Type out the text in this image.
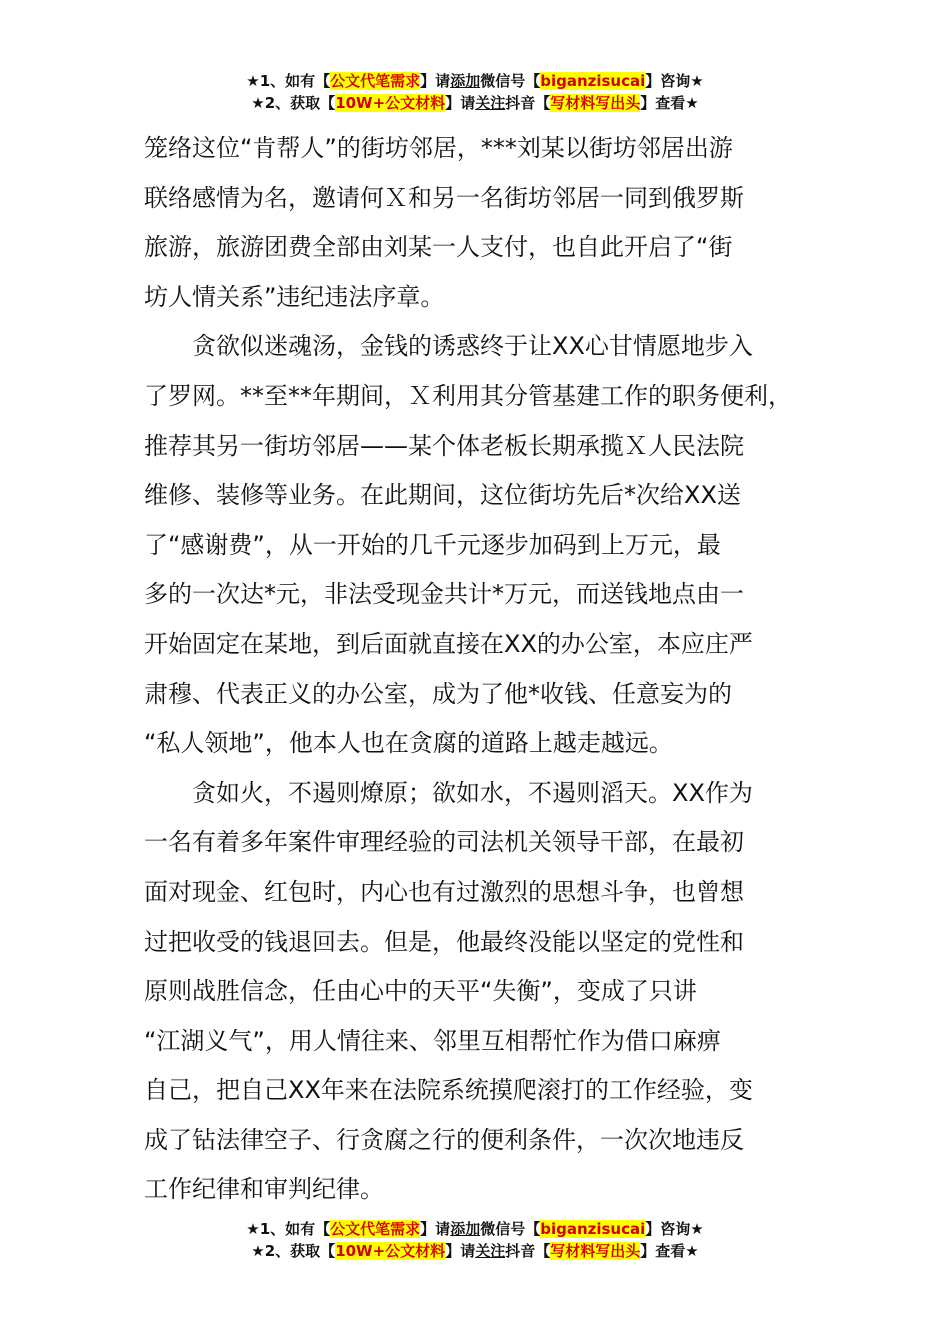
★1、如有【公文代笔需求】请添加微信号【biganzisucai】咨询★
★2、获取【10W+公文材料】请关注抖音【写材料写出头】查看★
笼络这位“肯帮人”的街坊邻居，***刘某以街坊邻居出游
联络感情为名，邀请何Ｘ和另一名街坊邻居一同到俄罗斯
旅游，旅游团费全部由刘某一人支付，也自此开启了“街
坊人情关系”违纪违法序章。
贪欲似迷魂汤，金钱的诱惑终于让XX心甘情愿地步入
了罗网。**至**年期间，Ｘ利用其分管基建工作的职务便利，
推荐其另一街坊邻居——某个体老板长期承揽Ｘ人民法院
维修、装修等业务。在此期间，这位街坊先后*次给XX送
了“感谢费”，从一开始的几千元逐步加码到上万元，最
多的一次达*元，非法受现金共计*万元，而送钱地点由一
开始固定在某地，到后面就直接在XX的办公室，本应庄严
肃穆、代表正义的办公室，成为了他*收钱、任意妄为的
“私人领地”，他本人也在贪腐的道路上越走越远。
贪如火，不遏则燎原；欲如水，不遏则滔天。XX作为
一名有着多年案件审理经验的司法机关领导干部，在最初
面对现金、红包时，内心也有过激烈的思想斗争，也曾想
过把收受的钱退回去。但是，他最终没能以坚定的党性和
原则战胜信念，任由心中的天平“失衡”，变成了只讲
“江湖义气”，用人情往来、邻里互相帮忙作为借口麻痹
自己，把自己XX年来在法院系统摸爬滚打的工作经验，变
成了钻法律空子、行贪腐之行的便利条件，一次次地违反
工作纪律和审判纪律。
★1、如有【公文代笔需求】请添加微信号【biganzisucai】咨询★
★2、获取【10W+公文材料】请关注抖音【写材料写出头】查看★
